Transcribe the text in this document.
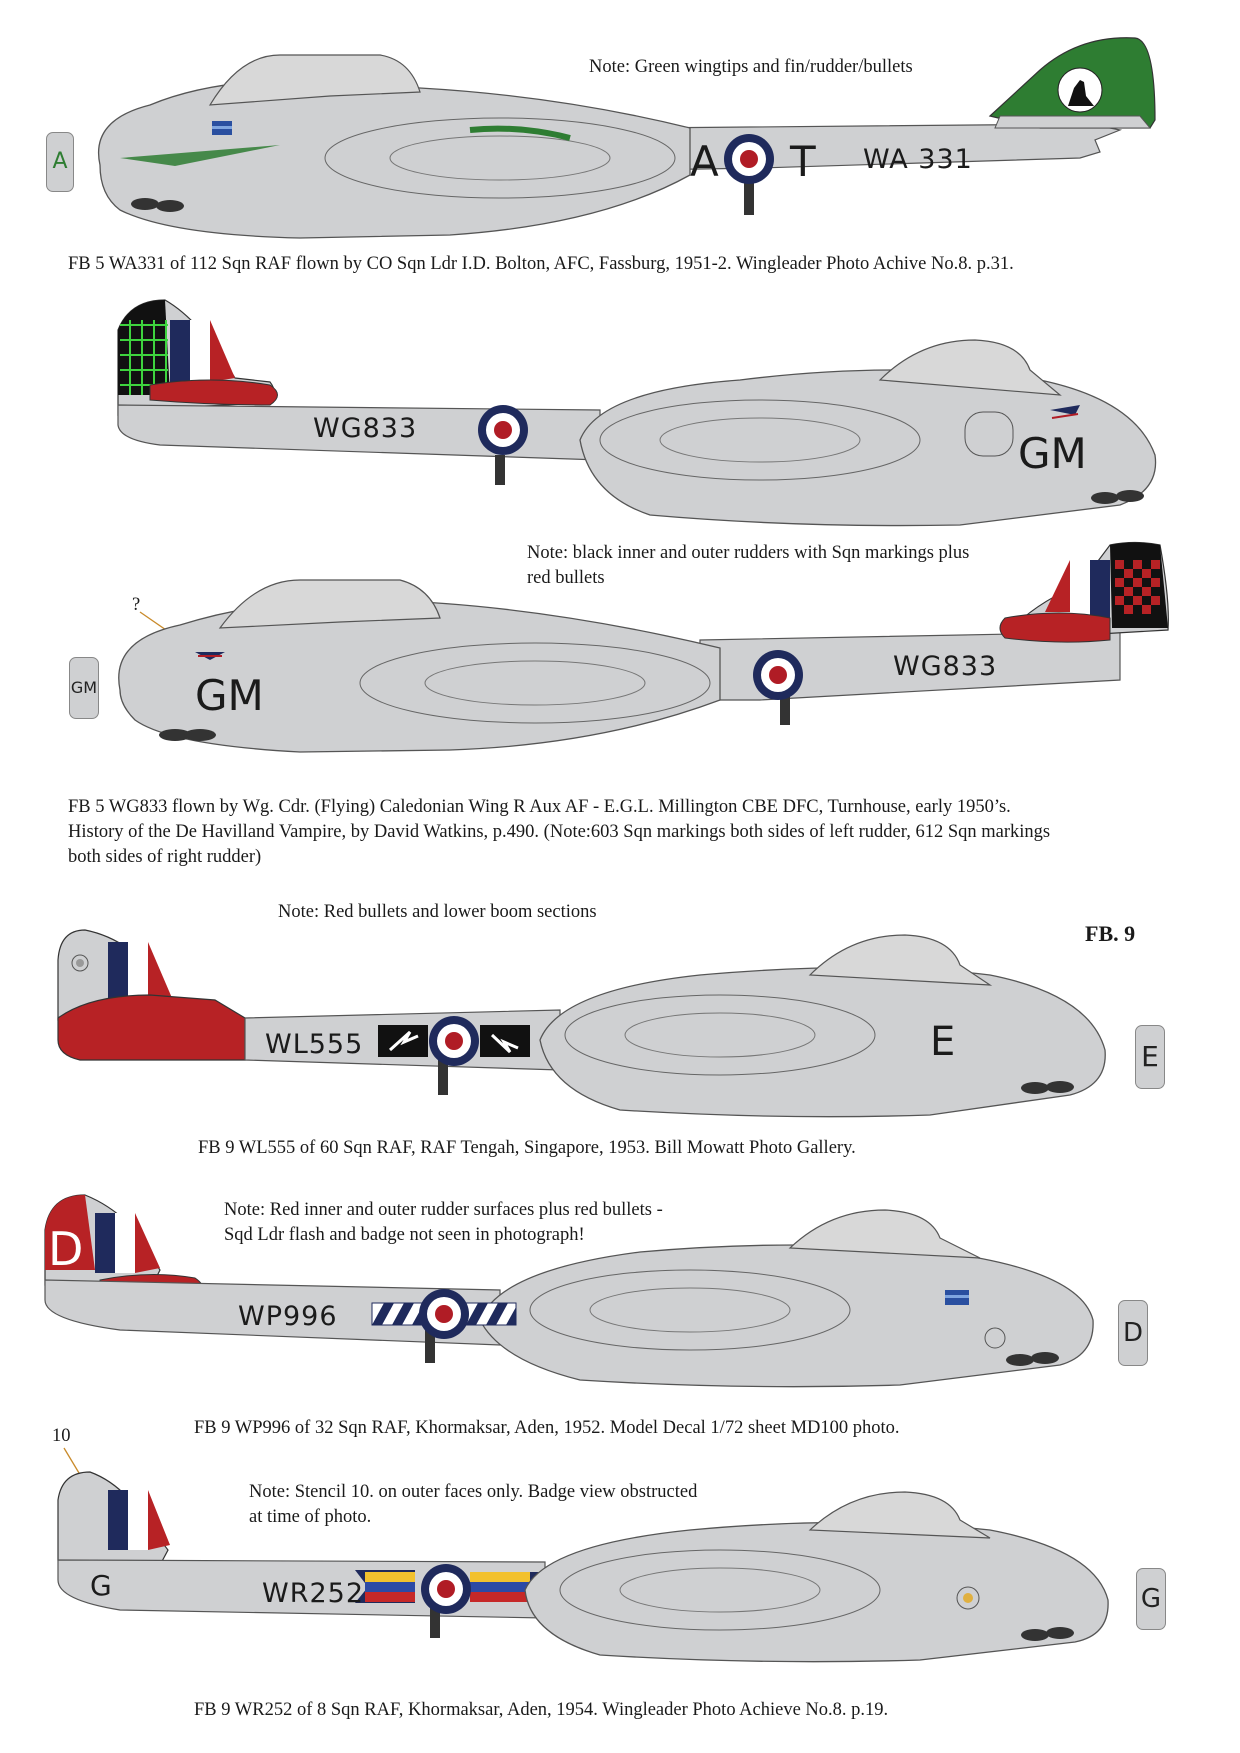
A
Note: Green wingtips and fin/rudder/bullets
A T WA 331
FB 5 WA331 of 112 Sqn RAF flown by CO Sqn Ldr I.D. Bolton, AFC, Fassburg, 1951-2. Wingleader Photo Achive No.8. p.31.
WG833
GM
GM
Note: black inner and outer rudders with Sqn markings plus
red bullets
?
GM
WG833
FB 5 WG833 flown by Wg. Cdr. (Flying) Caledonian Wing R Aux AF - E.G.L. Millington CBE DFC, Turnhouse, early 1950’s.
History of the De Havilland Vampire, by David Watkins, p.490. (Note:603 Sqn markings both sides of left rudder, 612 Sqn markings
both sides of right rudder)
Note: Red bullets and lower boom sections
FB. 9
E
WL555	E
FB 9 WL555 of 60 Sqn RAF, RAF Tengah, Singapore, 1953. Bill Mowatt Photo Gallery.
Note: Red inner and outer rudder surfaces plus red bullets -
Sqd Ldr flash and badge not seen in photograph!
D
D
WP996
FB 9 WP996 of 32 Sqn RAF, Khormaksar, Aden, 1952. Model Decal 1/72 sheet MD100 photo.
10
Note: Stencil 10. on outer faces only. Badge view obstructed
at time of photo.
G
G	WR252
FB 9 WR252 of 8 Sqn RAF, Khormaksar, Aden, 1954. Wingleader Photo Achieve No.8. p.19.
